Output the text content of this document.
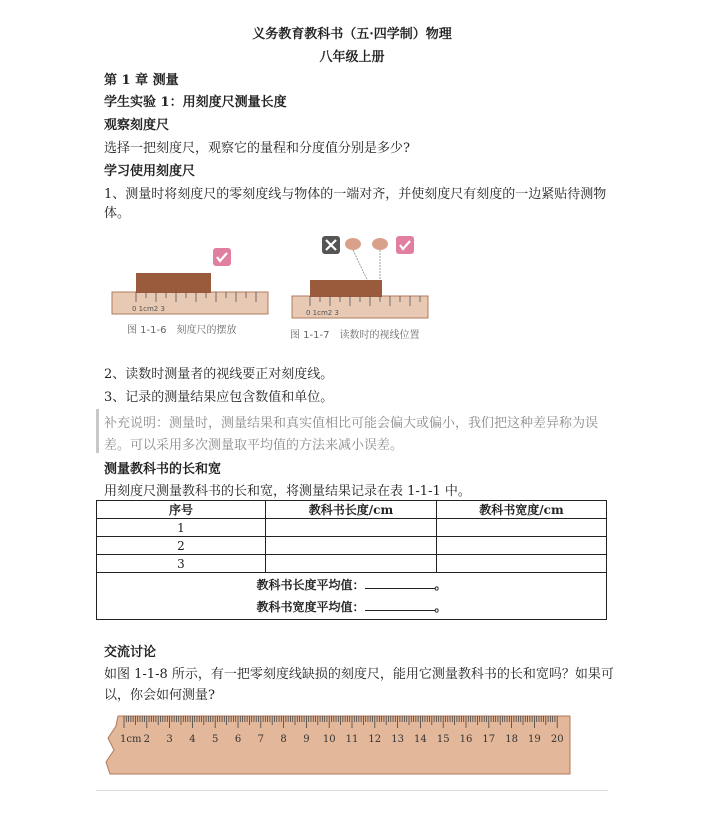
义务教育教科书（五·四学制）物理
八年级上册
第 1 章 测量
学生实验 1：用刻度尺测量长度
观察刻度尺
选择一把刻度尺，观察它的量程和分度值分别是多少?
学习使用刻度尺
1、测量时将刻度尺的零刻度线与物体的一端对齐，并使刻度尺有刻度的一边紧贴待测物
体。
0 1cm2 3
图 1-1-6　刻度尺的摆放
0 1cm2 3
图 1-1-7　读数时的视线位置
2、读数时测量者的视线要正对刻度线。
3、记录的测量结果应包含数值和单位。
补充说明：测量时，测量结果和真实值相比可能会偏大或偏小，我们把这种差异称为误
差。可以采用多次测量取平均值的方法来减小误差。
测量教科书的长和宽
用刻度尺测量教科书的长和宽，将测量结果记录在表 1-1-1 中。
序号	教科书长度/cm	教科书宽度/cm
1		
2		
3		

教科书长度平均值： 。
教科书宽度平均值： 。		
交流讨论
如图 1-1-8 所示，有一把零刻度线缺损的刻度尺，能用它测量教科书的长和宽吗？如果可
以，你会如何测量?
1cm 2 3 4 5 6 7 8 9 10 11 12 13 14 15 16 17 18 19 20
